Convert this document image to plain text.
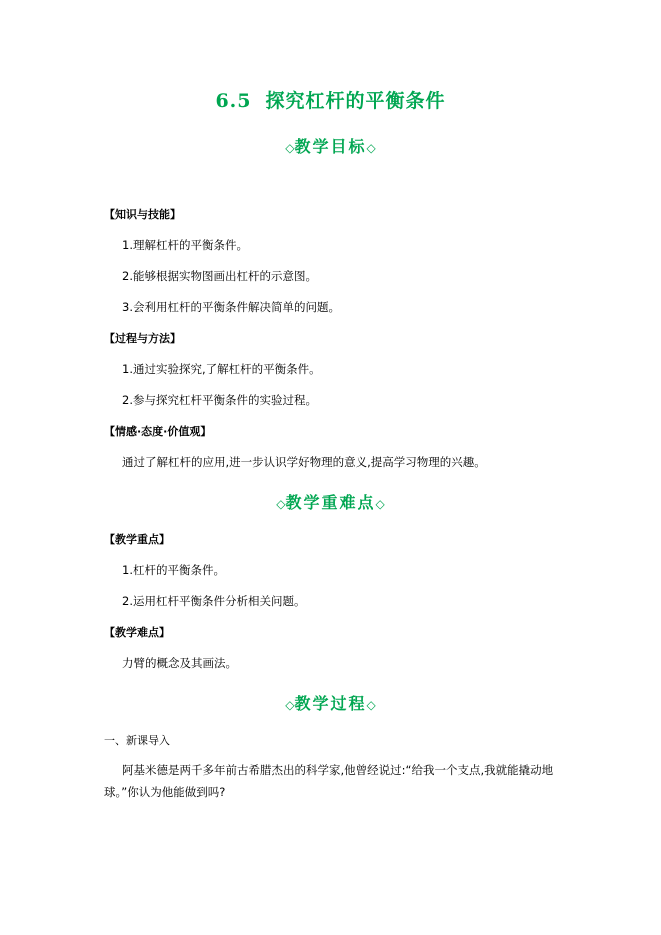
6.5 探究杠杆的平衡条件
◇教学目标◇
【知识与技能】
1.理解杠杆的平衡条件。
2.能够根据实物图画出杠杆的示意图。
3.会利用杠杆的平衡条件解决简单的问题。
【过程与方法】
1.通过实验探究,了解杠杆的平衡条件。
2.参与探究杠杆平衡条件的实验过程。
【情感·态度·价值观】
通过了解杠杆的应用,进一步认识学好物理的意义,提高学习物理的兴趣。
◇教学重难点◇
【教学重点】
1.杠杆的平衡条件。
2.运用杠杆平衡条件分析相关问题。
【教学难点】
力臂的概念及其画法。
◇教学过程◇
一、新课导入
阿基米德是两千多年前古希腊杰出的科学家,他曾经说过:“给我一个支点,我就能撬动地球。”你认为他能做到吗?
